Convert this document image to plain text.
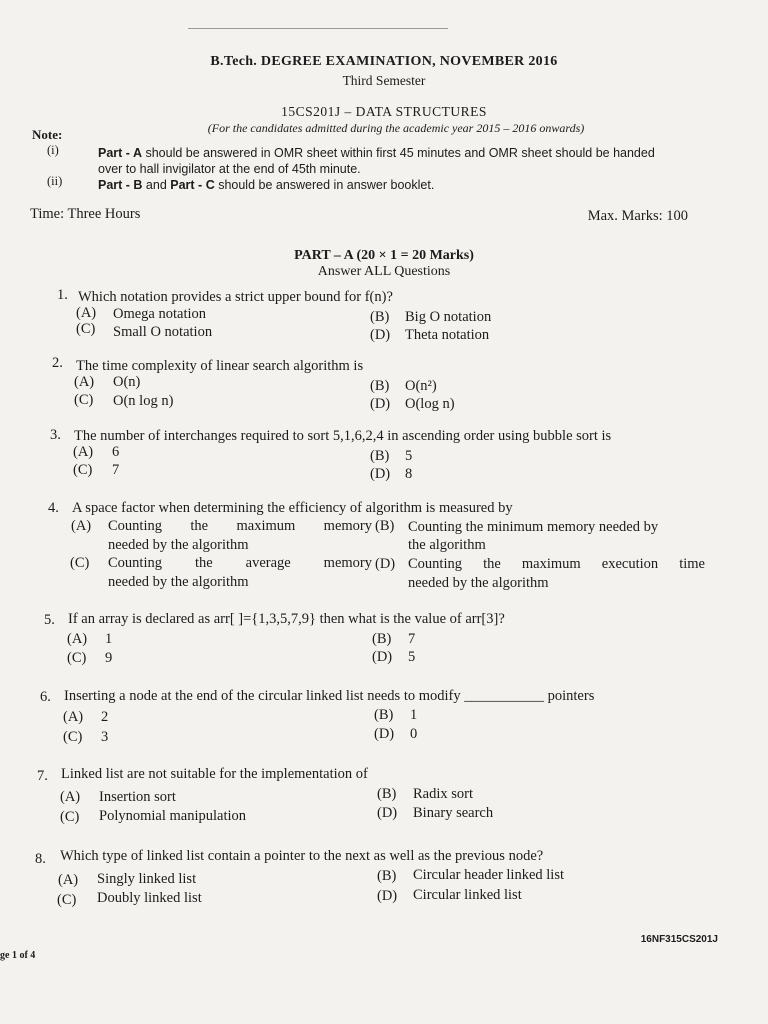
B.Tech. DEGREE EXAMINATION, NOVEMBER 2016
Third Semester
15CS201J – DATA STRUCTURES
(For the candidates admitted during the academic year 2015 – 2016 onwards)
Note:
(i)	Part - A should be answered in OMR sheet within first 45 minutes and OMR sheet should be handed
over to hall invigilator at the end of 45th minute.
(ii)	Part - B and Part - C should be answered in answer booklet.
Time: Three Hours	Max. Marks: 100
PART – A (20 × 1 = 20 Marks)
Answer ALL Questions
1. Which notation provides a strict upper bound for f(n)?
(A) Omega notation	(B) Big O notation
(C) Small O notation	(D) Theta notation
2. The time complexity of linear search algorithm is
(A) O(n)	(B) O(n²)
(C) O(n log n)	(D) O(log n)
3. The number of interchanges required to sort 5,1,6,2,4 in ascending order using bubble sort is
(A) 6	(B) 5
(C) 7	(D) 8
4. A space factor when determining the efficiency of algorithm is measured by
(A) Counting the maximum memory
needed by the algorithm
(B) Counting the minimum memory needed by
the algorithm
(C) Counting the average memory
needed by the algorithm
(D) Counting the maximum execution time
needed by the algorithm
5. If an array is declared as arr[ ]={1,3,5,7,9} then what is the value of arr[3]?
(A) 1	(B) 7
(C) 9	(D) 5
6. Inserting a node at the end of the circular linked list needs to modify ___________ pointers
(A) 2	(B) 1
(C) 3	(D) 0
7. Linked list are not suitable for the implementation of
(A) Insertion sort	(B) Radix sort
(C) Polynomial manipulation	(D) Binary search
8. Which type of linked list contain a pointer to the next as well as the previous node?
(A) Singly linked list	(B) Circular header linked list
(C) Doubly linked list	(D) Circular linked list
16NF315CS201J
ge 1 of 4
